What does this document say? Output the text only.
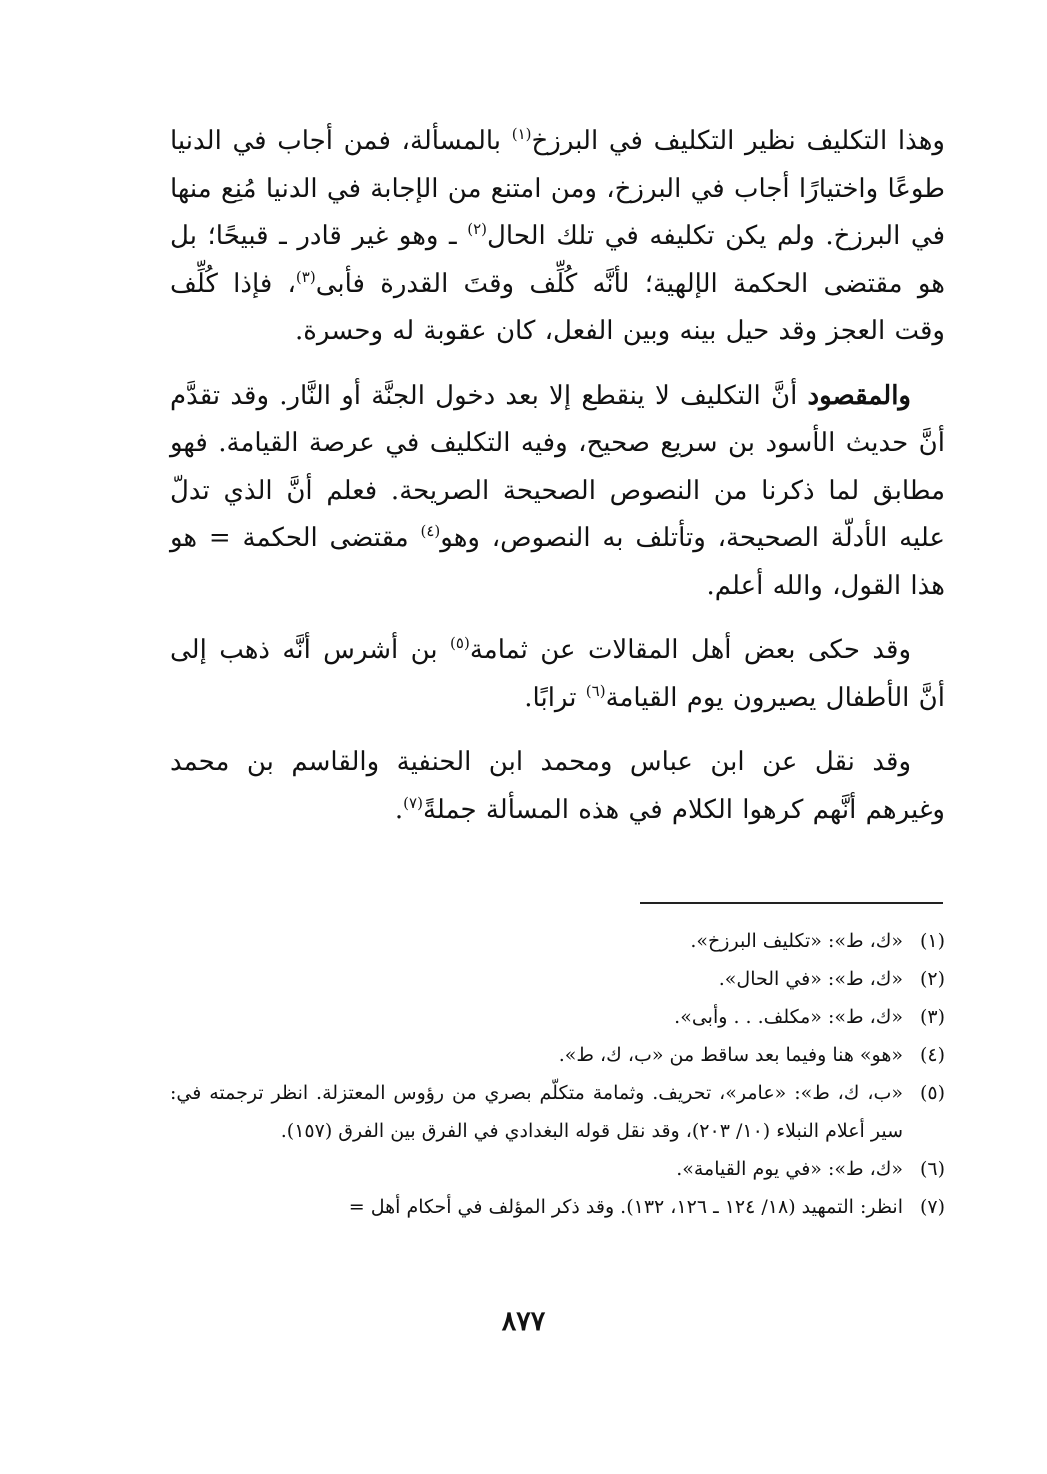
وهذا التكليف نظير التكليف في البرزخ$^{(١)}$ بالمسألة، فمن أجاب في الدنيا طوعًا واختيارًا أجاب في البرزخ، ومن امتنع من الإجابة في الدنيا مُنِع منها في البرزخ. ولم يكن تكليفه في تلك الحال$^{(٢)}$ ـ وهو غير قادر ـ قبيحًا؛ بل هو مقتضى الحكمة الإلهية؛ لأنَّه كُلِّف وقتَ القدرة فأبى$^{(٣)}$، فإذا كُلِّف وقت العجز وقد حيل بينه وبين الفعل، كان عقوبة له وحسرة.

والمقصود أنَّ التكليف لا ينقطع إلا بعد دخول الجنَّة أو النَّار. وقد تقدَّم أنَّ حديث الأسود بن سريع صحيح، وفيه التكليف في عرصة القيامة. فهو مطابق لما ذكرنا من النصوص الصحيحة الصريحة. فعلم أنَّ الذي تدلّ عليه الأدلّة الصحيحة، وتأتلف به النصوص، وهو$^{(٤)}$ مقتضى الحكمة = هو هذا القول، والله أعلم.

وقد حكى بعض أهل المقالات عن ثمامة$^{(٥)}$ بن أشرس أنَّه ذهب إلى أنَّ الأطفال يصيرون يوم القيامة$^{(٦)}$ ترابًا.

وقد نقل عن ابن عباس ومحمد ابن الحنفية والقاسم بن محمد وغيرهم أنَّهم كرهوا الكلام في هذه المسألة جملةً$^{(٧)}$.

(١)
«ك، ط»: «تكليف البرزخ».
(٢)
«ك، ط»: «في الحال».
(٣)
«ك، ط»: «مكلف. . . وأبى».
(٤)
«هو» هنا وفيما بعد ساقط من «ب، ك، ط».
(٥)
«ب، ك، ط»: «عامر»، تحريف. وثمامة متكلّم بصري من رؤوس المعتزلة. انظر ترجمته في: سير أعلام النبلاء (١٠/ ٢٠٣)، وقد نقل قوله البغدادي في الفرق بين الفرق (١٥٧).
(٦)
«ك، ط»: «في يوم القيامة».
(٧)
انظر: التمهيد (١٨/ ١٢٤ ـ ١٢٦، ١٣٢). وقد ذكر المؤلف في أحكام أهل =
٨٧٧
